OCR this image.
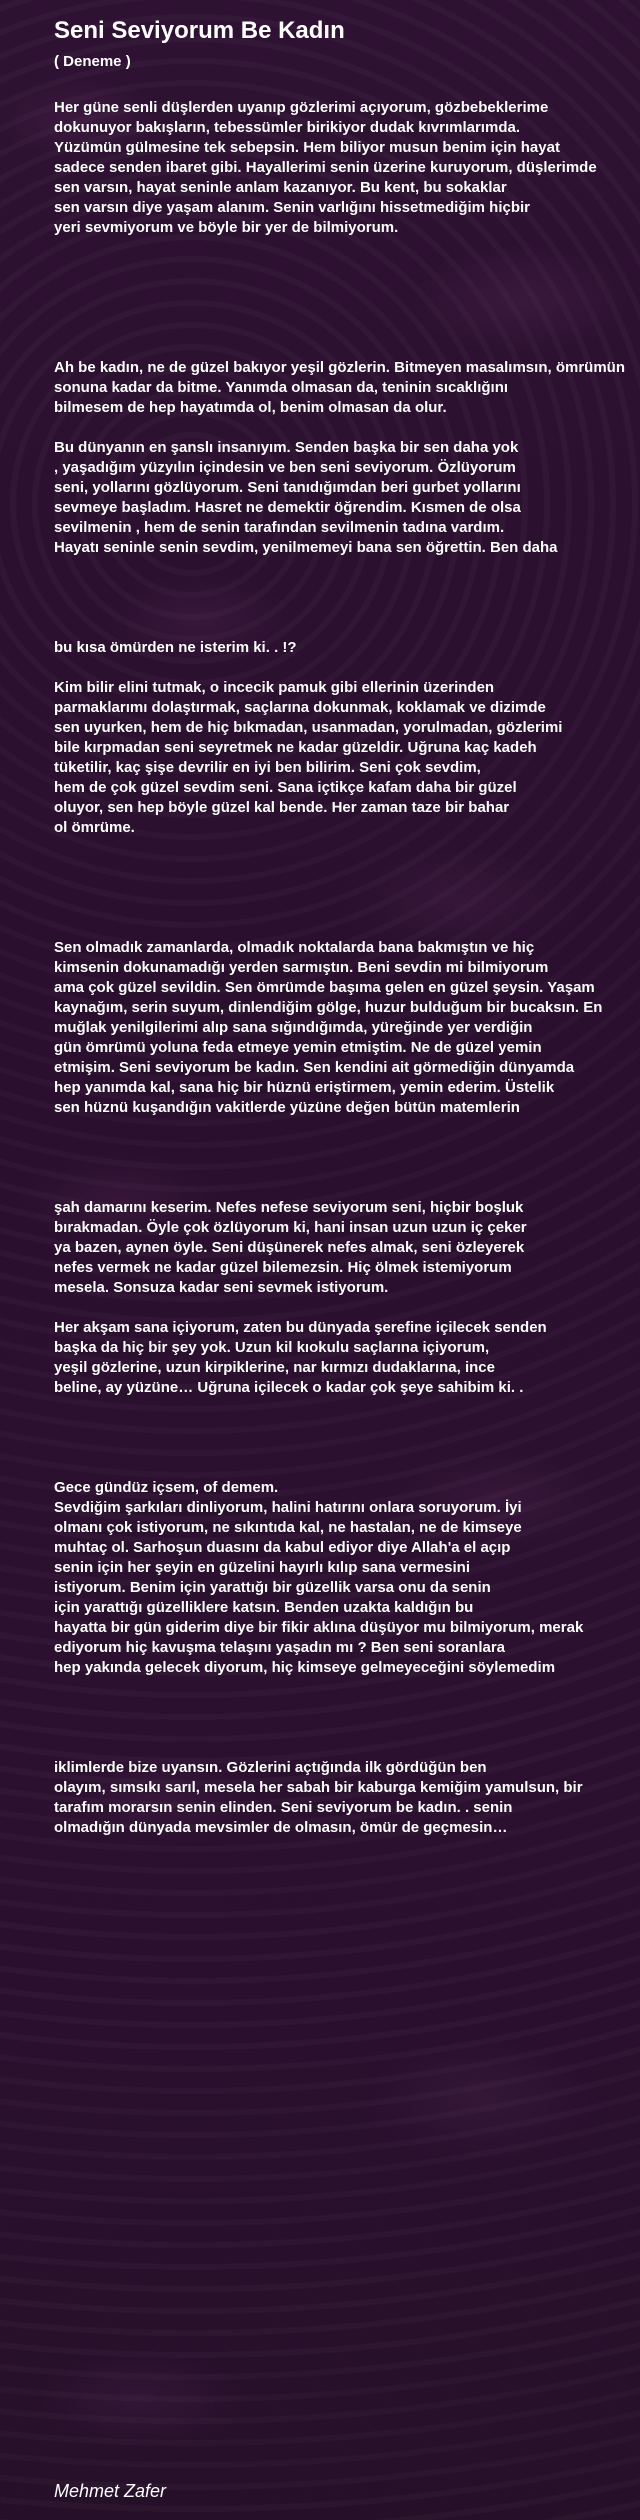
Seni Seviyorum Be Kadın
( Deneme )
Her güne senli düşlerden uyanıp gözlerimi açıyorum, gözbebeklerime
dokunuyor bakışların, tebessümler birikiyor dudak kıvrımlarımda.
Yüzümün gülmesine tek sebepsin. Hem biliyor musun benim için hayat
sadece senden ibaret gibi. Hayallerimi senin üzerine kuruyorum, düşlerimde
sen varsın, hayat seninle anlam kazanıyor. Bu kent, bu sokaklar
sen varsın diye yaşam alanım. Senin varlığını hissetmediğim hiçbir
yeri sevmiyorum ve böyle bir yer de bilmiyorum.
Ah be kadın, ne de güzel bakıyor yeşil gözlerin. Bitmeyen masalımsın, ömrümün
sonuna kadar da bitme. Yanımda olmasan da, teninin sıcaklığını
bilmesem de hep hayatımda ol, benim olmasan da olur.
Bu dünyanın en şanslı insanıyım. Senden başka bir sen daha yok
, yaşadığım yüzyılın içindesin ve ben seni seviyorum. Özlüyorum
seni, yollarını gözlüyorum. Seni tanıdığımdan beri gurbet yollarını
sevmeye başladım. Hasret ne demektir öğrendim. Kısmen de olsa
sevilmenin , hem de senin tarafından sevilmenin tadına vardım.
Hayatı seninle senin sevdim, yenilmemeyi bana sen öğrettin. Ben daha
bu kısa ömürden ne isterim ki. . !?
Kim bilir elini tutmak, o incecik pamuk gibi ellerinin üzerinden
parmaklarımı dolaştırmak, saçlarına dokunmak, koklamak ve dizimde
sen uyurken, hem de hiç bıkmadan, usanmadan, yorulmadan, gözlerimi
bile kırpmadan seni seyretmek ne kadar güzeldir. Uğruna kaç kadeh
tüketilir, kaç şişe devrilir en iyi ben bilirim. Seni çok sevdim,
hem de çok güzel sevdim seni. Sana içtikçe kafam daha bir güzel
oluyor, sen hep böyle güzel kal bende. Her zaman taze bir bahar
ol ömrüme.
Sen olmadık zamanlarda, olmadık noktalarda bana bakmıştın ve hiç
kimsenin dokunamadığı yerden sarmıştın. Beni sevdin mi bilmiyorum
ama çok güzel sevildin. Sen ömrümde başıma gelen en güzel şeysin. Yaşam
kaynağım, serin suyum, dinlendiğim gölge, huzur bulduğum bir bucaksın. En
muğlak yenilgilerimi alıp sana sığındığımda, yüreğinde yer verdiğin
gün ömrümü yoluna feda etmeye yemin etmiştim. Ne de güzel yemin
etmişim. Seni seviyorum be kadın. Sen kendini ait görmediğin dünyamda
hep yanımda kal, sana hiç bir hüznü eriştirmem, yemin ederim. Üstelik
sen hüznü kuşandığın vakitlerde yüzüne değen bütün matemlerin
şah damarını keserim. Nefes nefese seviyorum seni, hiçbir boşluk
bırakmadan. Öyle çok özlüyorum ki, hani insan uzun uzun iç çeker
ya bazen, aynen öyle. Seni düşünerek nefes almak, seni özleyerek
nefes vermek ne kadar güzel bilemezsin. Hiç ölmek istemiyorum
mesela. Sonsuza kadar seni sevmek istiyorum.
Her akşam sana içiyorum, zaten bu dünyada şerefine içilecek senden
başka da hiç bir şey yok. Uzun kil kıokulu saçlarına içiyorum,
yeşil gözlerine, uzun kirpiklerine, nar kırmızı dudaklarına, ince
beline, ay yüzüne… Uğruna içilecek o kadar çok şeye sahibim ki. .
Gece gündüz içsem, of demem.
Sevdiğim şarkıları dinliyorum, halini hatırını onlara soruyorum. İyi
olmanı çok istiyorum, ne sıkıntıda kal, ne hastalan, ne de kimseye
muhtaç ol. Sarhoşun duasını da kabul ediyor diye Allah'a el açıp
senin için her şeyin en güzelini hayırlı kılıp sana vermesini
istiyorum. Benim için yarattığı bir güzellik varsa onu da senin
için yarattığı güzelliklere katsın. Benden uzakta kaldığın bu
hayatta bir gün giderim diye bir fikir aklına düşüyor mu bilmiyorum, merak
ediyorum hiç kavuşma telaşını yaşadın mı ? Ben seni soranlara
hep yakında gelecek diyorum, hiç kimseye gelmeyeceğini söylemedim
iklimlerde bize uyansın. Gözlerini açtığında ilk gördüğün ben
olayım, sımsıkı sarıl, mesela her sabah bir kaburga kemiğim yamulsun, bir
tarafım morarsın senin elinden. Seni seviyorum be kadın. . senin
olmadığın dünyada mevsimler de olmasın, ömür de geçmesin…
Mehmet Zafer
